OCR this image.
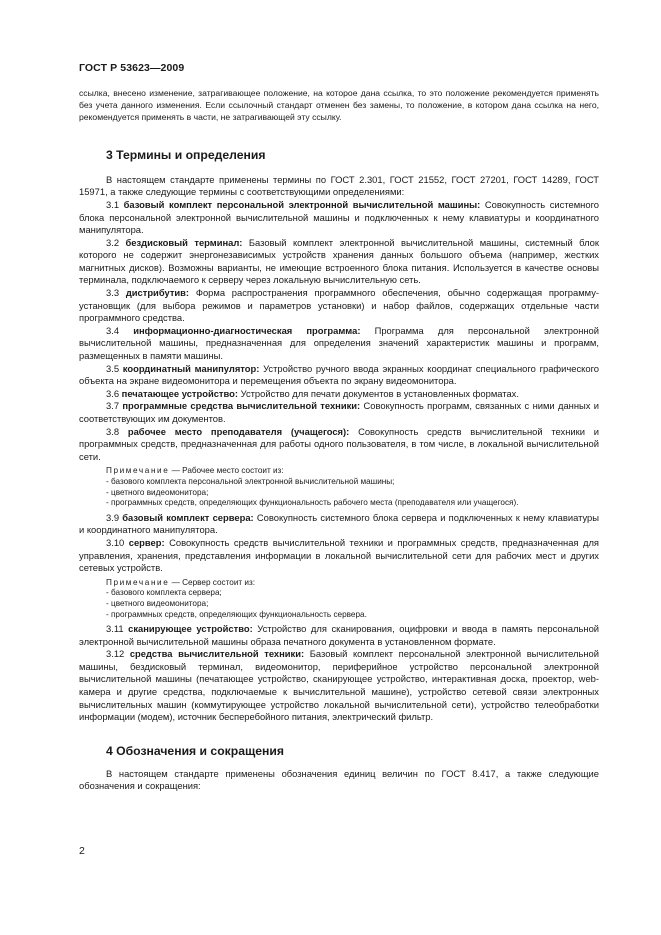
ГОСТ Р 53623—2009

ссылка, внесено изменение, затрагивающее положение, на которое дана ссылка, то это положение рекомендуется применять без учета данного изменения. Если ссылочный стандарт отменен без замены, то положение, в котором дана ссылка на него, рекомендуется применять в части, не затрагивающей эту ссылку.

3 Термины и определения

В настоящем стандарте применены термины по ГОСТ 2.301, ГОСТ 21552, ГОСТ 27201, ГОСТ 14289, ГОСТ 15971, а также следующие термины с соответствующими определениями:

3.1 базовый комплект персональной электронной вычислительной машины: Совокупность системного блока персональной электронной вычислительной машины и подключенных к нему клавиатуры и координатного манипулятора.

3.2 бездисковый терминал: Базовый комплект электронной вычислительной машины, системный блок которого не содержит энергонезависимых устройств хранения данных большого объема (например, жестких магнитных дисков). Возможны варианты, не имеющие встроенного блока питания. Используется в качестве основы терминала, подключаемого к серверу через локальную вычислительную сеть.

3.3 дистрибутив: Форма распространения программного обеспечения, обычно содержащая программу-установщик (для выбора режимов и параметров установки) и набор файлов, содержащих отдельные части программного средства.

3.4 информационно-диагностическая программа: Программа для персональной электронной вычислительной машины, предназначенная для определения значений характеристик машины и программ, размещенных в памяти машины.

3.5 координатный манипулятор: Устройство ручного ввода экранных координат специального графического объекта на экране видеомонитора и перемещения объекта по экрану видеомонитора.

3.6 печатающее устройство: Устройство для печати документов в установленных форматах.

3.7 программные средства вычислительной техники: Совокупность программ, связанных с ними данных и соответствующих им документов.

3.8 рабочее место преподавателя (учащегося): Совокупность средств вычислительной техники и программных средств, предназначенная для работы одного пользователя, в том числе, в локальной вычислительной сети.

Примечание — Рабочее место состоит из:
- базового комплекта персональной электронной вычислительной машины;
- цветного видеомонитора;
- программных средств, определяющих функциональность рабочего места (преподавателя или учащегося).

3.9 базовый комплект сервера: Совокупность системного блока сервера и подключенных к нему клавиатуры и координатного манипулятора.

3.10 сервер: Совокупность средств вычислительной техники и программных средств, предназначенная для управления, хранения, представления информации в локальной вычислительной сети для рабочих мест и других сетевых устройств.

Примечание — Сервер состоит из:
- базового комплекта сервера;
- цветного видеомонитора;
- программных средств, определяющих функциональность сервера.

3.11 сканирующее устройство: Устройство для сканирования, оцифровки и ввода в память персональной электронной вычислительной машины образа печатного документа в установленном формате.

3.12 средства вычислительной техники: Базовый комплект персональной электронной вычислительной машины, бездисковый терминал, видеомонитор, периферийное устройство персональной электронной вычислительной машины (печатающее устройство, сканирующее устройство, интерактивная доска, проектор, web-камера и другие средства, подключаемые к вычислительной машине), устройство сетевой связи электронных вычислительных машин (коммутирующее устройство локальной вычислительной сети), устройство телеобработки информации (модем), источник бесперебойного питания, электрический фильтр.

4 Обозначения и сокращения

В настоящем стандарте применены обозначения единиц величин по ГОСТ 8.417, а также следующие обозначения и сокращения:

2
